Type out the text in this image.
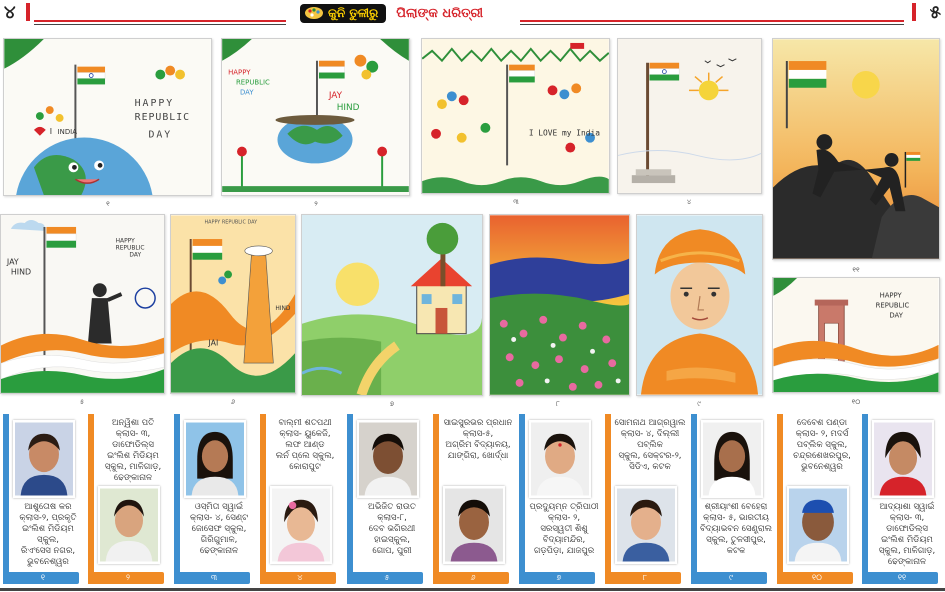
୪	କୁନି ତୁଳୀରୁ ପିଲାଙ୍କ ଧରିତ୍ରୀ	୫
HAPPY
REPUBLIC
DAY
I INDIA
୧
HAPPY
REPUBLIC
DAY	JAY
HIND
୨
I LOVE my India
୩	୪
୧୧
JAY
HIND
HAPPY
REPUBLIC
DAY
୫
HAPPY REPUBLIC DAY
JAI
HIND
୬	୭	୮	୯
HAPPY
REPUBLIC
DAY
୧୦
ଆଶୁତୋଷ କର
କ୍ଲାସ-୨, ପ୍ରକୃତି
ଇଂଲିଶ ମିଡିୟମ ସ୍କୁଲ,
ରିଏଂସେସ ନଗର,
ଭୁବନେଶ୍ୱର
୧
ଅନ୍ୱିଶା ପତି
କ୍ଲାସ- ୩, ଡାଫୋଡିଲ୍ସ
ଇଂଲିଶ ମିଡିୟମ
ସ୍କୁଲ, ମାଳିଗାଡ଼,
ଢେଙ୍କାନାଳ
୨
ଓସ୍ମିତା ସ୍ୱାଇଁ
କ୍ଲାସ- ୪, ସେଣ୍ଟ
ଜୋସେଫ ସ୍କୁଲ,
ଗିରିଗୁମାଳ,
ଢେଙ୍କାନାଳ
୩
ବାଲ୍ମୀ ଶତପଥୀ
କ୍ଲାସ- ୟୁକେଜି,
ଲଫ ଆଣ୍ଡ
ଲର୍ନ ପ୍ଲେ ସ୍କୁଲ, କୋରାପୁଟ
୪
ଅଭିଜିତ ରାଉତ
କ୍ଲାସ-୮,
ଦେବ ଭଗିରଥୀ
ହାଇସ୍କୁଲ,
ଗୋପ, ପୁରୀ
୫
ସାଇସୁରଭର ପ୍ରଧାନ
କ୍ଲାସ-୫,
ଅଗ୍ରିମ ବିଦ୍ୟାଳୟ,
ଯାଙ୍ଗିରା, ଖୋର୍ଦ୍ଧା
୬
ପ୍ରଦ୍ୟୁମ୍ନ ତ୍ରିପାଠୀ
କ୍ଲାସ- ୨,
ସରସ୍ୱତୀ ଶିଶୁ
ବିଦ୍ୟାମନ୍ଦିର,
ଗଡ଼ପିଡ଼ା, ଯାଜପୁର
୭
ସୋମନାଥ ଆଗ୍ରୱାଲ
କ୍ଲାସ- ୪, ଦିଲ୍ଲୀ ପବ୍ଲିକ
ସ୍କୁଲ, ସେକ୍ଟର-୨,
ସିଡିଏ, କଟକ
୮
ଶ୍ରୀୟାଂଶୀ ବେହେରା
କ୍ଲାସ- ୫, ଭାରତୀୟ
ବିଦ୍ୟାଭବନ ସେଣ୍ଟ୍ରାଲ
ସ୍କୁଲ, ତୁଳସୀପୁର,
କଟକ
୯
ଦେବେଶ ପଣ୍ଡା
କ୍ଲାସ- ୨, ମଦର୍ସ
ପବ୍ଲିକ ସ୍କୁଲ,
ଚନ୍ଦ୍ରଶେଖରପୁର,
ଭୁବନେଶ୍ୱର
୧୦
ଆଦ୍ୟାଶା ସ୍ୱାଇଁ
କ୍ଲାସ- ୩, ଡାଫୋଡିଲ୍ସ
ଇଂଲିଶ ମିଡିୟମ
ସ୍କୁଲ, ମାଳିଗାଡ଼,
ଢେଙ୍କାନାଳ
୧୧
